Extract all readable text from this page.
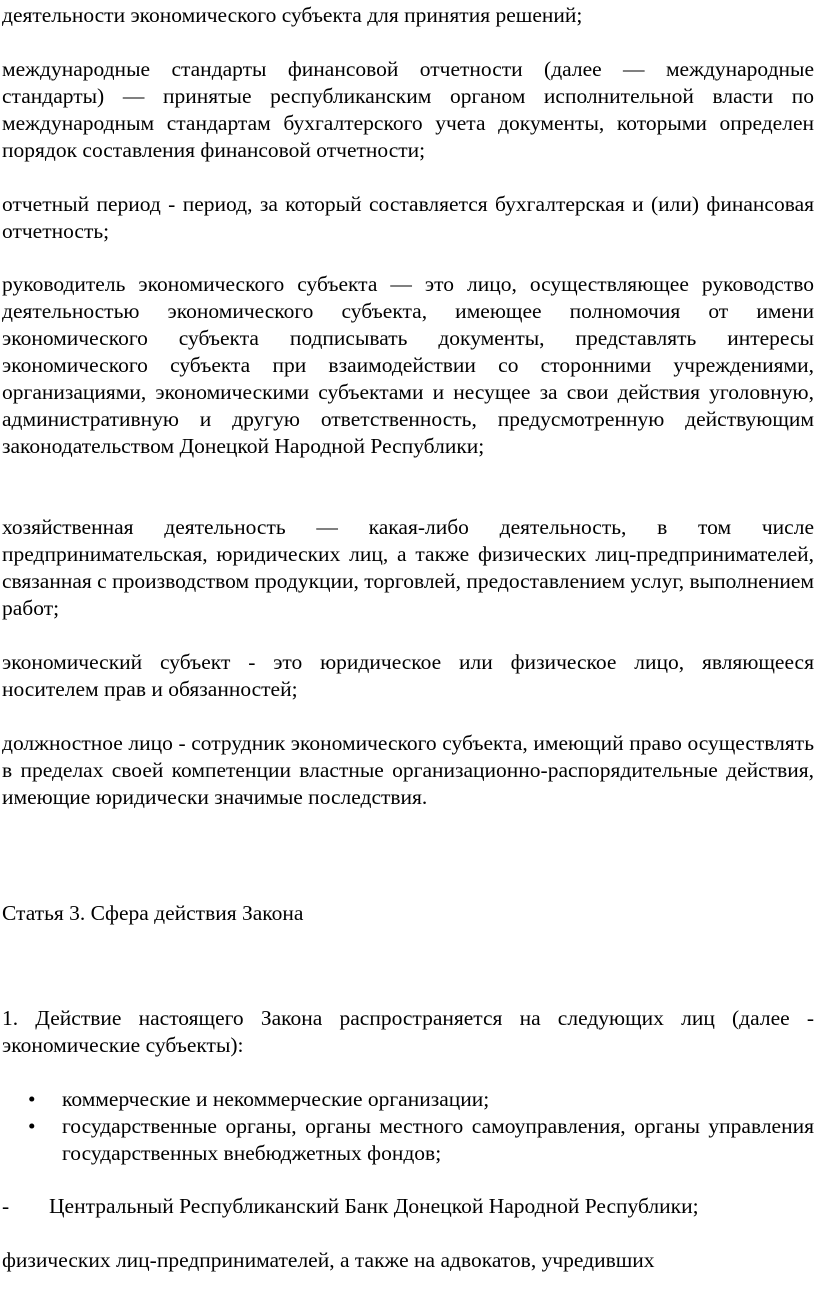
деятельности экономического субъекта для принятия решений;

международные стандарты финансовой отчетности (далее — международные стандарты) — принятые республиканским органом исполнительной власти по международным стандартам бухгалтерского учета документы, которыми определен порядок составления финансовой отчетности;

отчетный период - период, за который составляется бухгалтерская и (или) финансовая отчетность;

руководитель экономического субъекта — это лицо, осуществляющее руководство деятельностью экономического субъекта, имеющее полномочия от имени экономического субъекта подписывать документы, представлять интересы экономического субъекта при взаимодействии со сторонними учреждениями, организациями, экономическими субъектами и несущее за свои действия уголовную, административную и другую ответственность, предусмотренную действующим законодательством Донецкой Народной Республики;

хозяйственная деятельность — какая-либо деятельность, в том числе предпринимательская, юридических лиц, а также физических лиц-предпринимателей, связанная с производством продукции, торговлей, предоставлением услуг, выполнением работ;

экономический субъект - это юридическое или физическое лицо, являющееся носителем прав и обязанностей;

должностное лицо - сотрудник экономического субъекта, имеющий право осуществлять в пределах своей компетенции властные организационно-распорядительные действия, имеющие юридически значимые последствия.

Статья 3. Сфера действия Закона

1. Действие настоящего Закона распространяется на следующих лиц (далее - экономические субъекты):

• коммерческие и некоммерческие организации;
• государственные органы, органы местного самоуправления, органы управления государственных внебюджетных фондов;
-	Центральный Республиканский Банк Донецкой Народной Республики;

физических лиц-предпринимателей, а также на адвокатов, учредивших
